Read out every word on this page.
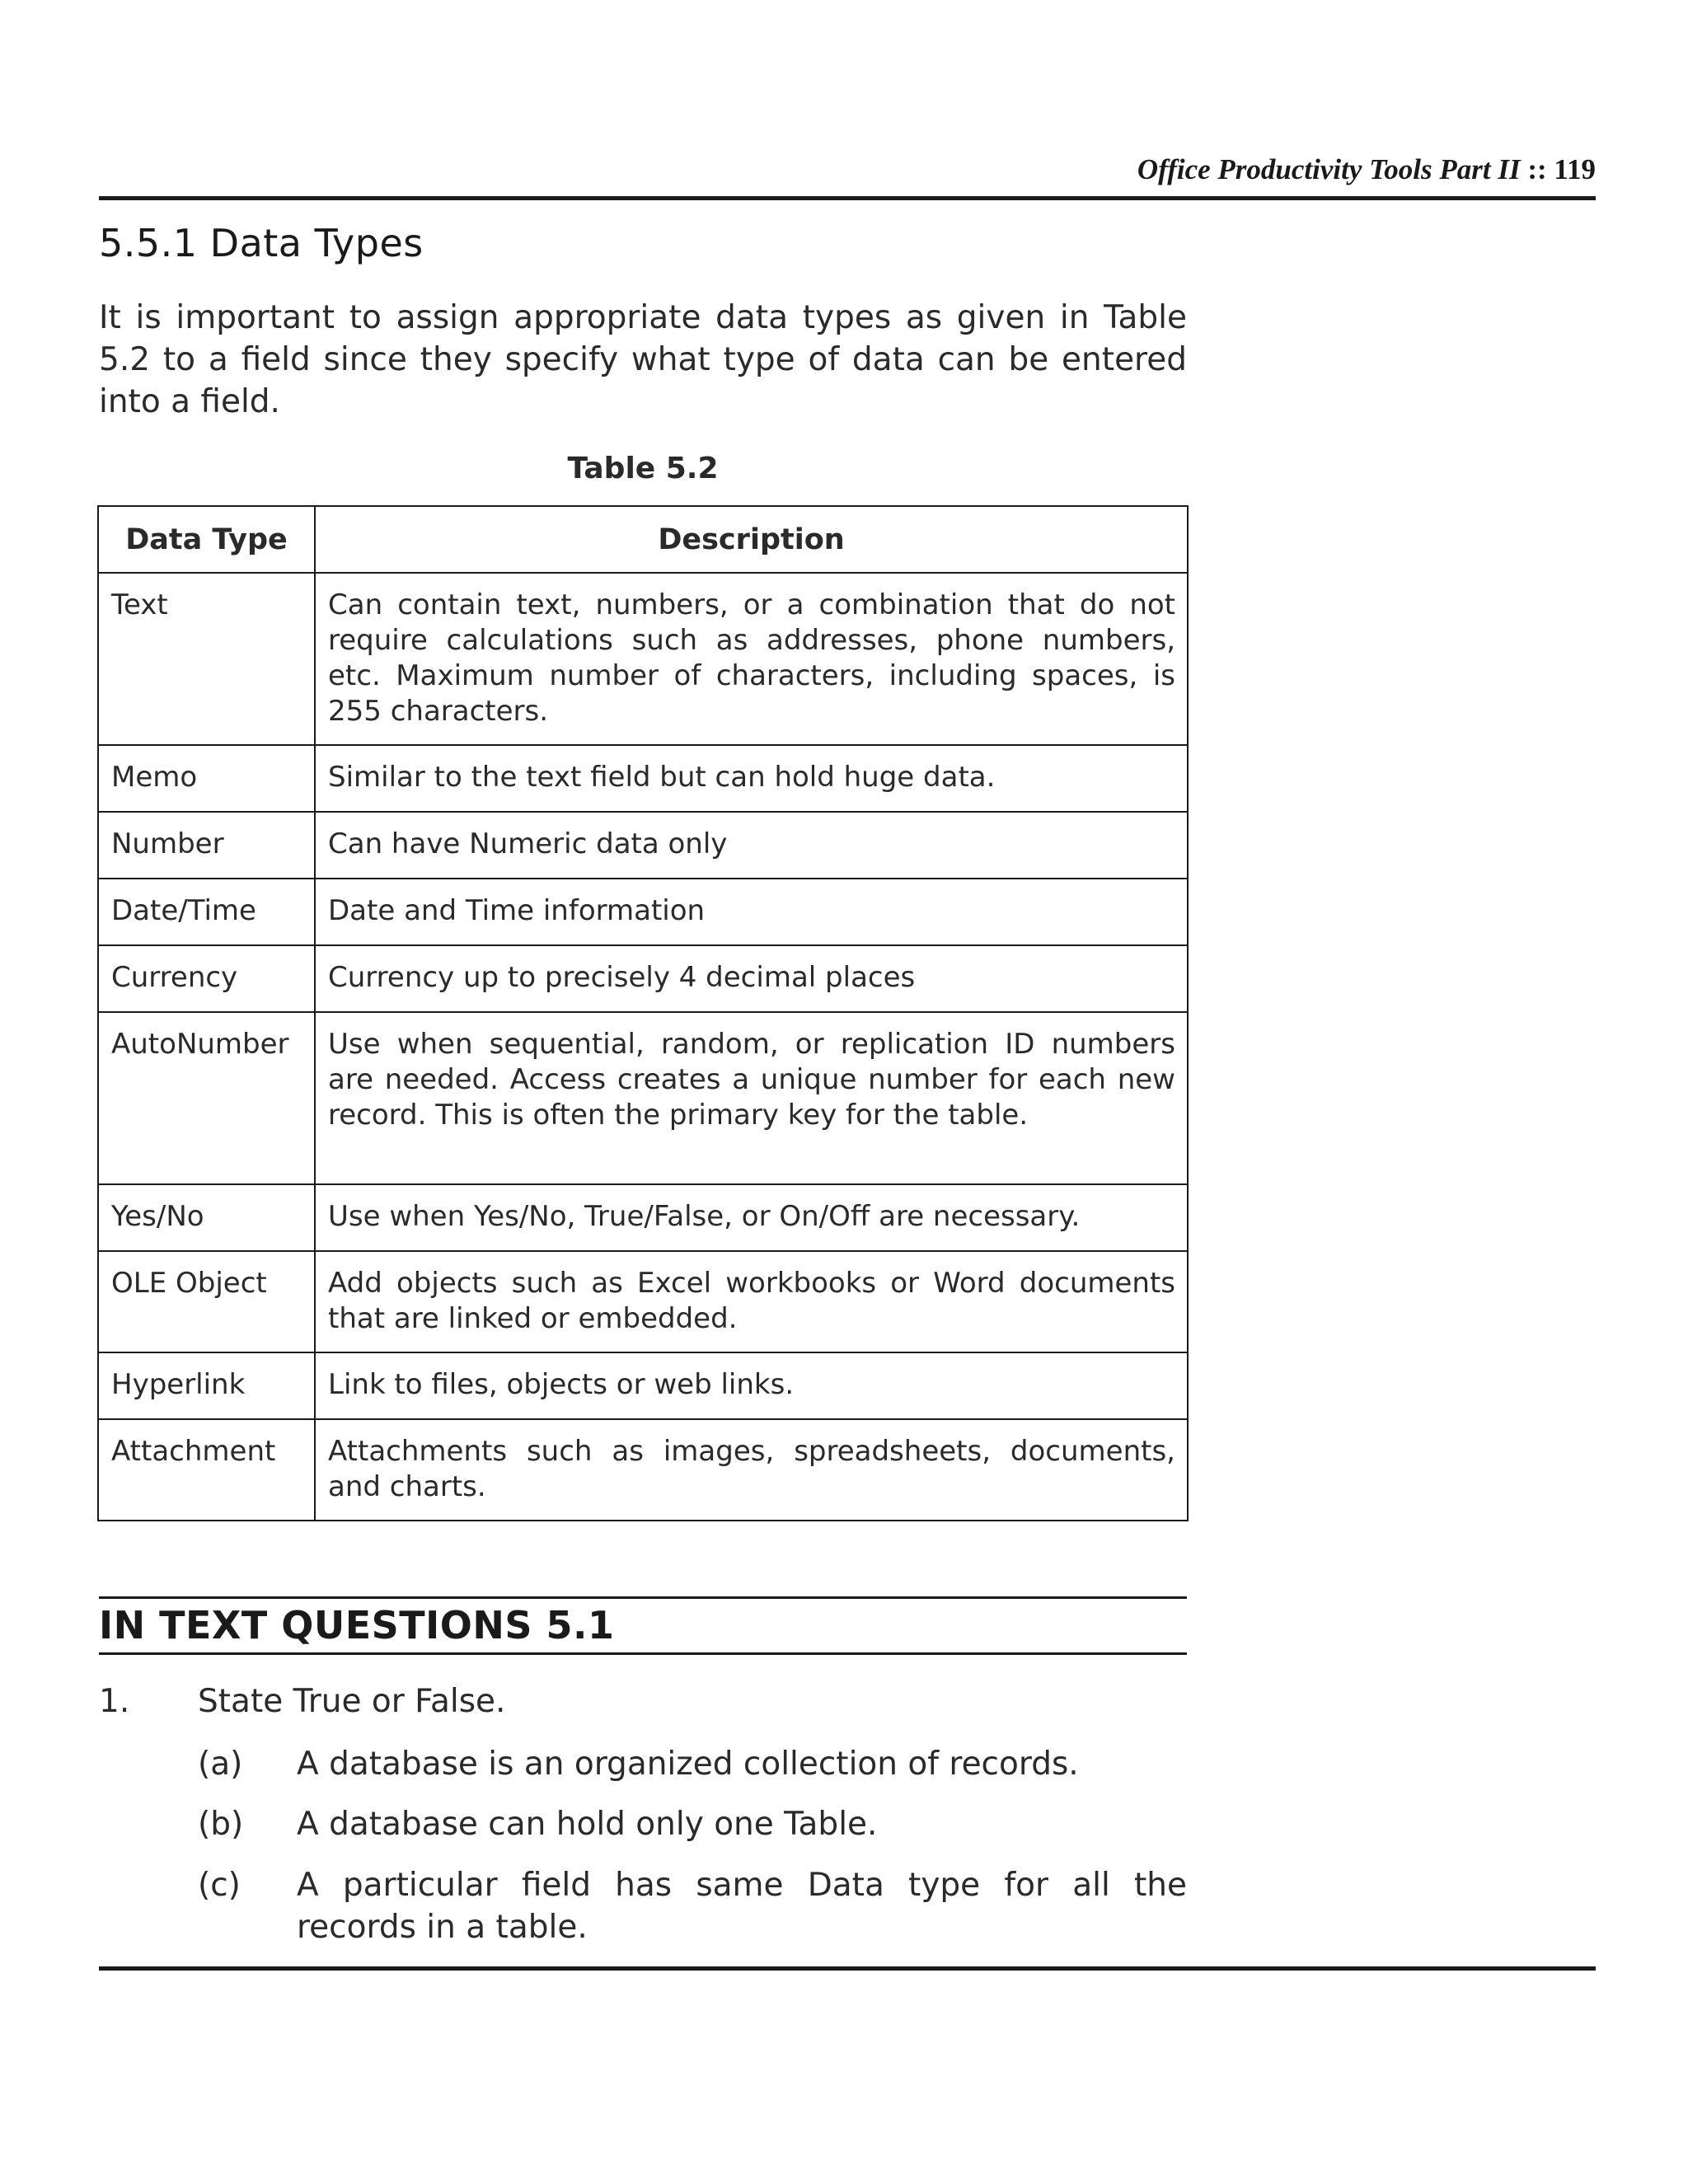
Office Productivity Tools Part II :: 119
5.5.1 Data Types
It is important to assign appropriate data types as given in Table 5.2 to a field since they specify what type of data can be entered into a field.
Table 5.2
Data Type	Description
Text	Can contain text, numbers, or a combination that do not require calculations such as addresses, phone numbers, etc. Maximum number of characters, including spaces, is 255 characters.
Memo	Similar to the text field but can hold huge data.
Number	Can have Numeric data only
Date/Time	Date and Time information
Currency	Currency up to precisely 4 decimal places
AutoNumber	Use when sequential, random, or replication ID numbers are needed. Access creates a unique number for each new record. This is often the primary key for the table.
Yes/No	Use when Yes/No, True/False, or On/Off are necessary.
OLE Object	Add objects such as Excel workbooks or Word documents that are linked or embedded.
Hyperlink	Link to files, objects or web links.
Attachment	Attachments such as images, spreadsheets, documents, and charts.
IN TEXT QUESTIONS 5.1
1. State True or False.
(a) A database is an organized collection of records.
(b) A database can hold only one Table.
(c) A particular field has same Data type for all the records in a table.
